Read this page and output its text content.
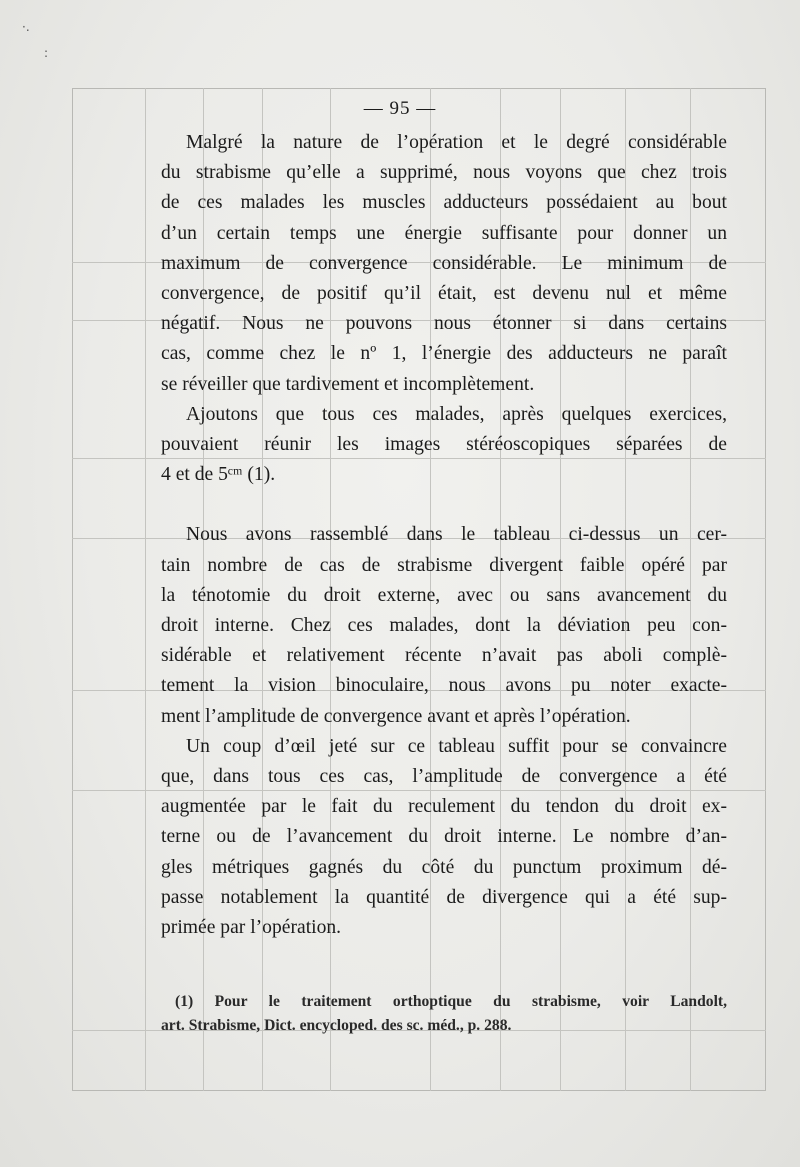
·.
:
— 95 —
Malgré la nature de l’opération et le degré considérable
du strabisme qu’elle a supprimé, nous voyons que chez trois
de ces malades les muscles adducteurs possédaient au bout
d’un certain temps une énergie suffisante pour donner un
maximum de convergence considérable. Le minimum de
convergence, de positif qu’il était, est devenu nul et même
négatif. Nous ne pouvons nous étonner si dans certains
cas, comme chez le nº 1, l’énergie des adducteurs ne paraît
se réveiller que tardivement et incomplètement.
Ajoutons que tous ces malades, après quelques exercices,
pouvaient réunir les images stéréoscopiques séparées de
4 et de 5ᶜᵐ (1).
Nous avons rassemblé dans le tableau ci-dessus un cer-
tain nombre de cas de strabisme divergent faible opéré par
la ténotomie du droit externe, avec ou sans avancement du
droit interne. Chez ces malades, dont la déviation peu con-
sidérable et relativement récente n’avait pas aboli complè-
tement la vision binoculaire, nous avons pu noter exacte-
ment l’amplitude de convergence avant et après l’opération.
Un coup d’œil jeté sur ce tableau suffit pour se convaincre
que, dans tous ces cas, l’amplitude de convergence a été
augmentée par le fait du reculement du tendon du droit ex-
terne ou de l’avancement du droit interne. Le nombre d’an-
gles métriques gagnés du côté du punctum proximum dé-
passe notablement la quantité de divergence qui a été sup-
primée par l’opération.
(1) Pour le traitement orthoptique du strabisme, voir Landolt,
art. Strabisme, Dict. encycloped. des sc. méd., p. 288.
